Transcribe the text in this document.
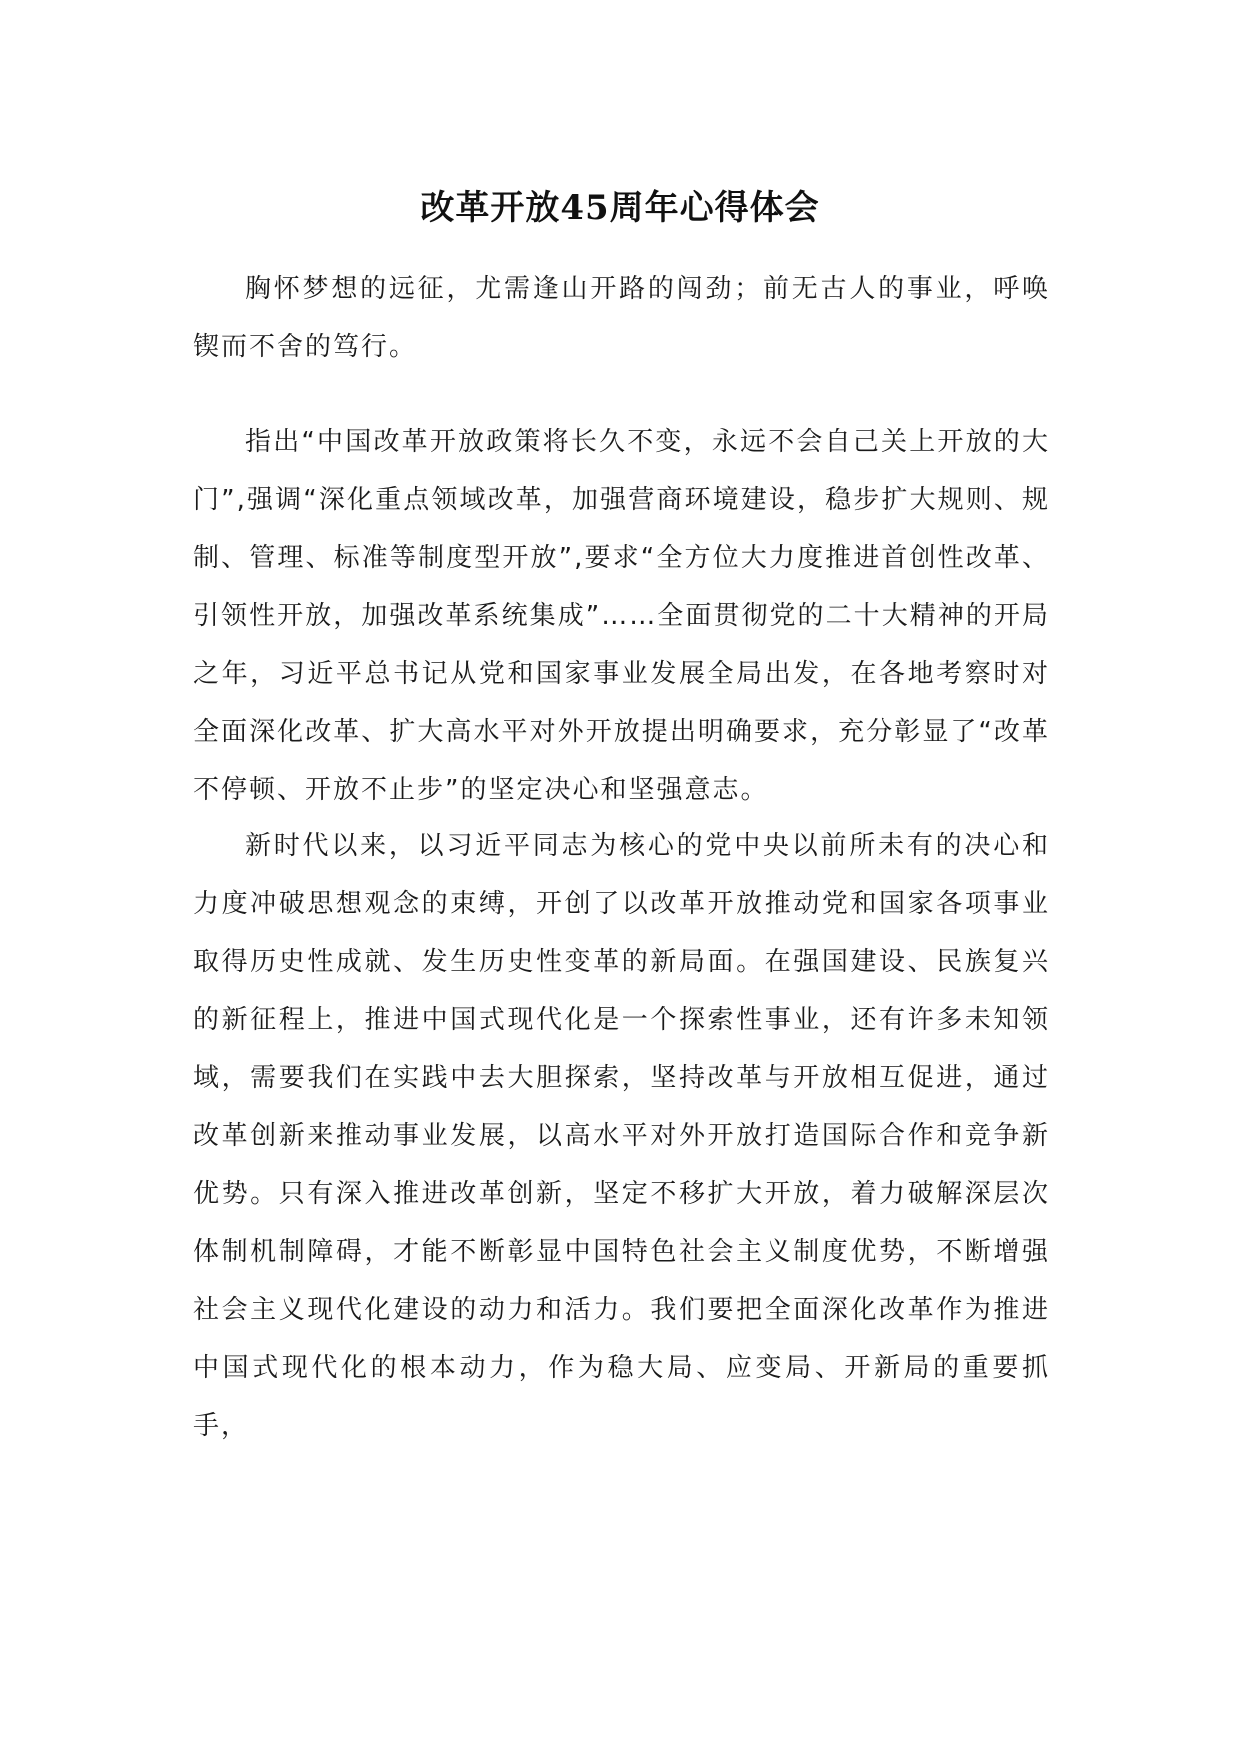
改革开放45周年心得体会

胸怀梦想的远征，尤需逢山开路的闯劲；前无古人的事业，呼唤锲而不舍的笃行。

指出“中国改革开放政策将长久不变，永远不会自己关上开放的大门”,强调“深化重点领域改革，加强营商环境建设，稳步扩大规则、规制、管理、标准等制度型开放”,要求“全方位大力度推进首创性改革、引领性开放，加强改革系统集成”……全面贯彻党的二十大精神的开局之年，习近平总书记从党和国家事业发展全局出发，在各地考察时对全面深化改革、扩大高水平对外开放提出明确要求，充分彰显了“改革不停顿、开放不止步”的坚定决心和坚强意志。

新时代以来，以习近平同志为核心的党中央以前所未有的决心和力度冲破思想观念的束缚，开创了以改革开放推动党和国家各项事业取得历史性成就、发生历史性变革的新局面。在强国建设、民族复兴的新征程上，推进中国式现代化是一个探索性事业，还有许多未知领域，需要我们在实践中去大胆探索，坚持改革与开放相互促进，通过改革创新来推动事业发展，以高水平对外开放打造国际合作和竞争新优势。只有深入推进改革创新，坚定不移扩大开放，着力破解深层次体制机制障碍，才能不断彰显中国特色社会主义制度优势，不断增强社会主义现代化建设的动力和活力。我们要把全面深化改革作为推进中国式现代化的根本动力，作为稳大局、应变局、开新局的重要抓手，
